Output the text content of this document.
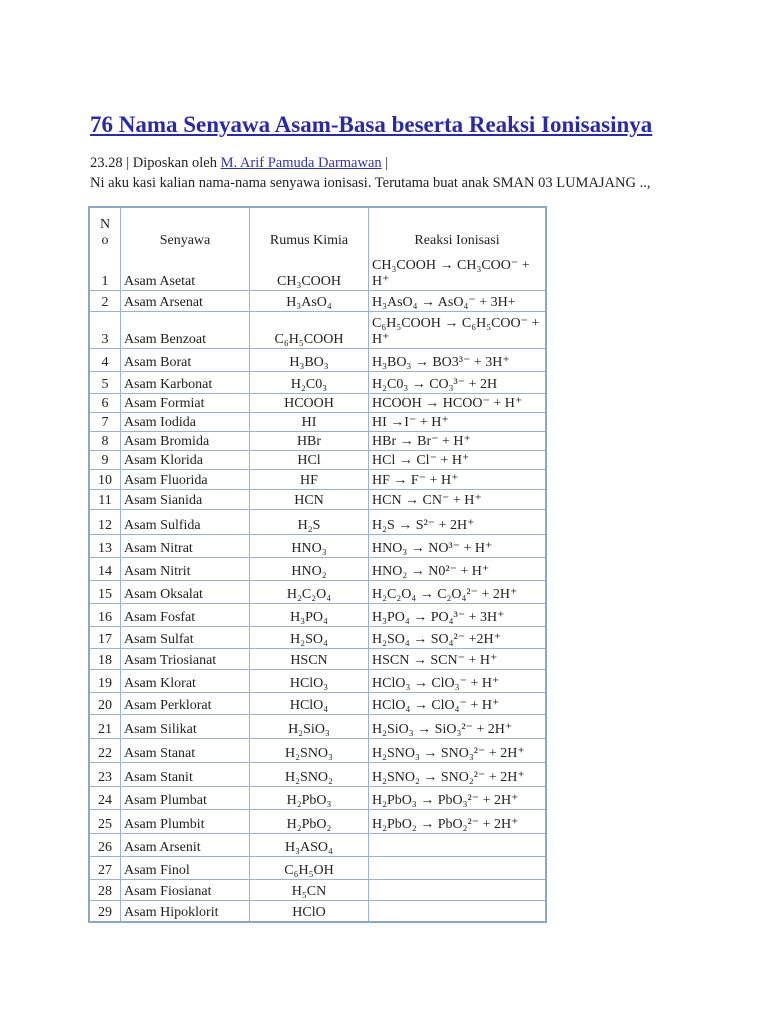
76 Nama Senyawa Asam-Basa beserta Reaksi Ionisasinya
23.28 | Diposkan oleh M. Arif Pamuda Darmawan |
Ni aku kasi kalian nama-nama senyawa ionisasi. Terutama buat anak SMAN 03 LUMAJANG ..,
N
o	Senyawa	Rumus Kimia	Reaksi Ionisasi
1	Asam Asetat	CH₃COOH	CH₃COOH → CH₃COO⁻ + H⁺
2	Asam Arsenat	H₃AsO₄	H₃AsO₄ → AsO₄⁻ + 3H+
3	Asam Benzoat	C₆H₅COOH	C₆H₅COOH → C₆H₅COO⁻ + H⁺
4	Asam Borat	H₃BO₃	H₃BO₃ → BO3³⁻ + 3H⁺
5	Asam Karbonat	H₂C0₃	H₂C0₃ → CO₃³⁻ + 2H
6	Asam Formiat	HCOOH	HCOOH → HCOO⁻ + H⁺
7	Asam Iodida	HI	HI →I⁻ + H⁺
8	Asam Bromida	HBr	HBr → Br⁻ + H⁺
9	Asam Klorida	HCl	HCl → Cl⁻ + H⁺
10	Asam Fluorida	HF	HF → F⁻ + H⁺
11	Asam Sianida	HCN	HCN → CN⁻ + H⁺
12	Asam Sulfida	H₂S	H₂S → S²⁻ + 2H⁺
13	Asam Nitrat	HNO₃	HNO₃ → NO³⁻ + H⁺
14	Asam Nitrit	HNO₂	HNO₂ → N0²⁻ + H⁺
15	Asam Oksalat	H₂C₂O₄	H₂C₂O₄ → C₂O₄²⁻ + 2H⁺
16	Asam Fosfat	H₃PO₄	H₃PO₄ → PO₄³⁻ + 3H⁺
17	Asam Sulfat	H₂SO₄	H₂SO₄ → SO₄²⁻ +2H⁺
18	Asam Triosianat	HSCN	HSCN → SCN⁻ + H⁺
19	Asam Klorat	HClO₃	HClO₃ → ClO₃⁻ + H⁺
20	Asam Perklorat	HClO₄	HClO₄ → ClO₄⁻ + H⁺
21	Asam Silikat	H₂SiO₃	H₂SiO₃ → SiO₃²⁻ + 2H⁺
22	Asam Stanat	H₂SNO₃	H₂SNO₃ → SNO₃²⁻ + 2H⁺
23	Asam Stanit	H₂SNO₂	H₂SNO₂ → SNO₂²⁻ + 2H⁺
24	Asam Plumbat	H₂PbO₃	H₂PbO₃ → PbO₃²⁻ + 2H⁺
25	Asam Plumbit	H₂PbO₂	H₂PbO₂ → PbO₂²⁻ + 2H⁺
26	Asam Arsenit	H₃ASO₄	
27	Asam Finol	C₆H₅OH	
28	Asam Fiosianat	H₅CN	
29	Asam Hipoklorit	HClO	
